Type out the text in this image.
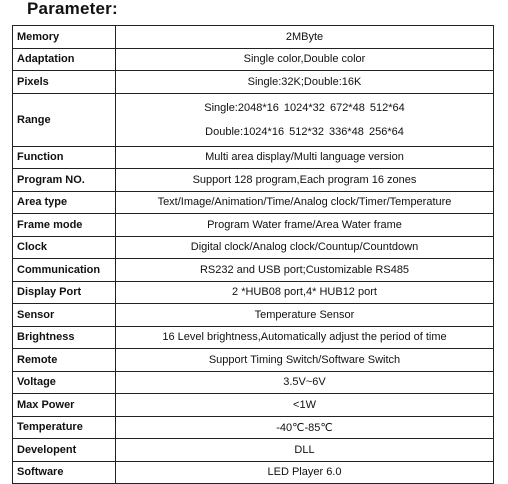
Parameter:
Memory	2MByte
Adaptation	Single color,Double color
Pixels	Single:32K;Double:16K
Range	Single:2048*16 1024*32 672*48 512*64
Double:1024*16 512*32 336*48 256*64

Function	Multi area display/Multi language version
Program NO.	Support 128 program,Each program 16 zones
Area type	Text/Image/Animation/Time/Analog clock/Timer/Temperature
Frame mode	Program Water frame/Area Water frame
Clock	Digital clock/Analog clock/Countup/Countdown
Communication	RS232 and USB port;Customizable RS485
Display Port	2 *HUB08 port,4* HUB12 port
Sensor	Temperature Sensor
Brightness	16 Level brightness,Automatically adjust the period of time
Remote	Support Timing Switch/Software Switch
Voltage	3.5V~6V
Max Power	<1W
Temperature	-40℃-85℃
Developent	DLL
Software	LED Player 6.0
